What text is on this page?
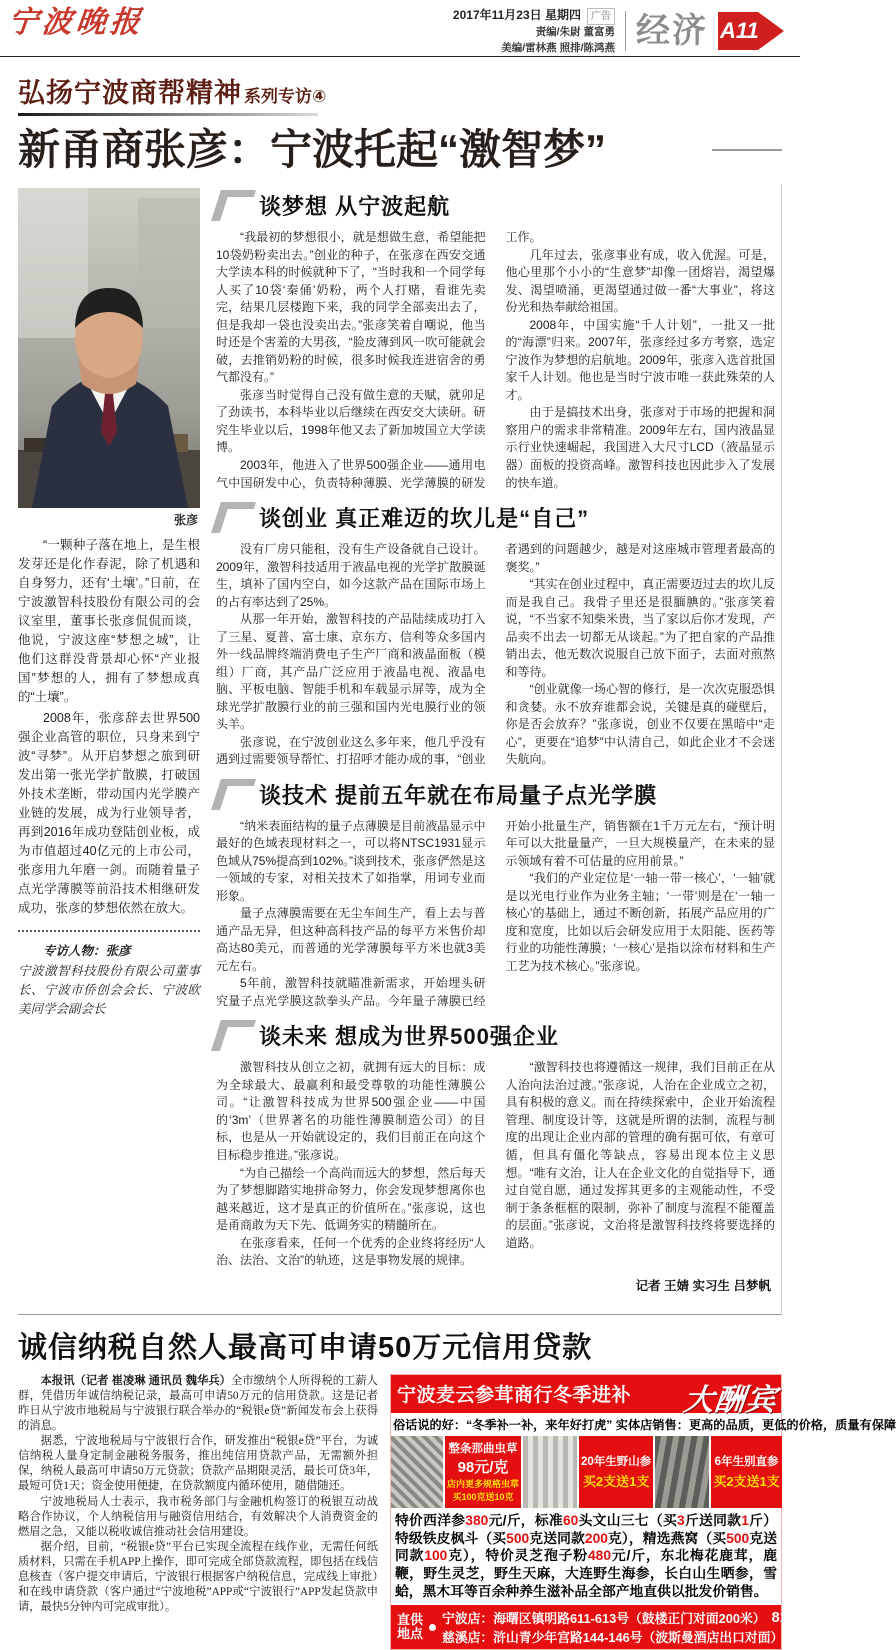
宁波晚报	2017年11月23日 星期四 广告
责编/朱尉 董富勇
美编/雷林燕 照排/陈鸿燕 经济 A11
弘扬宁波商帮精神 系列专访④
新甬商张彦：宁波托起“激智梦”
张彦

“一颗种子落在地上，是生根发芽还是化作春泥，除了机遇和自身努力，还有‘土壤’。”日前，在宁波激智科技股份有限公司的会议室里，董事长张彦侃侃而谈，他说，宁波这座“梦想之城”，让他们这群没背景却心怀“产业报国”梦想的人，拥有了梦想成真的“土壤”。

2008年，张彦辞去世界500强企业高管的职位，只身来到宁波“寻梦”。从开启梦想之旅到研发出第一张光学扩散膜，打破国外技术垄断，带动国内光学膜产业链的发展，成为行业领导者，再到2016年成功登陆创业板，成为市值超过40亿元的上市公司，张彦用九年磨一剑。而随着量子点光学薄膜等前沿技术相继研发成功，张彦的梦想依然在放大。

专访人物：张彦

宁波激智科技股份有限公司董事长、宁波市侨创会会长、宁波欧美同学会副会长

谈梦想 从宁波起航

“我最初的梦想很小，就是想做生意，希望能把10袋奶粉卖出去。”创业的种子，在张彦在西安交通大学读本科的时候就种下了，“当时我和一个同学每人买了10袋‘秦俑’奶粉，两个人打赌，看谁先卖完，结果几层楼跑下来，我的同学全部卖出去了，但是我却一袋也没卖出去。”张彦笑着自嘲说，他当时还是个害羞的大男孩，“脸皮薄到风一吹可能就会破，去推销奶粉的时候，很多时候我连进宿舍的勇气都没有。”

张彦当时觉得自己没有做生意的天赋，就卯足了劲读书，本科毕业以后继续在西安交大读研。研究生毕业以后，1998年他又去了新加坡国立大学读博。

2003年，他进入了世界500强企业——通用电气中国研发中心，负责特种薄膜、光学薄膜的研发工作。

几年过去，张彦事业有成，收入优渥。可是，他心里那个小小的“生意梦”却像一团熔岩，渴望爆发、渴望喷涌，更渴望通过做一番“大事业”，将这份光和热奉献给祖国。

2008年，中国实施“千人计划”，一批又一批的“海漂”归来。2007年，张彦经过多方考察，选定宁波作为梦想的启航地。2009年，张彦入选首批国家千人计划。他也是当时宁波市唯一获此殊荣的人才。

由于是搞技术出身，张彦对于市场的把握和洞察用户的需求非常精准。2009年左右，国内液晶显示行业快速崛起，我国进入大尺寸LCD（液晶显示器）面板的投资高峰。激智科技也因此步入了发展的快车道。

谈创业 真正难迈的坎儿是“自己”

没有厂房只能租，没有生产设备就自己设计。2009年，激智科技适用于液晶电视的光学扩散膜诞生，填补了国内空白，如今这款产品在国际市场上的占有率达到了25%。

从那一年开始，激智科技的产品陆续成功打入了三星、夏普、富士康、京东方、信利等众多国内外一线品牌终端消费电子生产厂商和液晶面板（模组）厂商，其产品广泛应用于液晶电视、液晶电脑、平板电脑、智能手机和车载显示屏等，成为全球光学扩散膜行业的前三强和国内光电膜行业的领头羊。

张彦说，在宁波创业这么多年来，他几乎没有遇到过需要领导帮忙、打招呼才能办成的事，“创业者遇到的问题越少，越是对这座城市管理者最高的褒奖。”

“其实在创业过程中，真正需要迈过去的坎儿反而是我自己。我骨子里还是很腼腆的。”张彦笑着说，“不当家不知柴米贵，当了家以后你才发现，产品卖不出去一切都无从谈起。”为了把自家的产品推销出去，他无数次说服自己放下面子，去面对煎熬和等待。

“创业就像一场心智的修行，是一次次克服恐惧和贪婪。永不放弃谁都会说，关键是真的碰壁后，你是否会放弃？”张彦说，创业不仅要在黑暗中“走心”，更要在“追梦”中认清自己，如此企业才不会迷失航向。

谈技术 提前五年就在布局量子点光学膜

“纳米表面结构的量子点薄膜是目前液晶显示中最好的色域表现材料之一，可以将NTSC1931显示色域从75%提高到102%。”谈到技术，张彦俨然是这一领域的专家，对相关技术了如指掌，用词专业而形象。

量子点薄膜需要在无尘车间生产，看上去与普通产品无异，但这种高科技产品的每平方米售价却高达80美元，而普通的光学薄膜每平方米也就3美元左右。

5年前，激智科技就瞄准新需求，开始埋头研究量子点光学膜这款拳头产品。今年量子薄膜已经开始小批量生产，销售额在1千万元左右，“预计明年可以大批量量产，一旦大规模量产，在未来的显示领域有着不可估量的应用前景。”

“我们的产业定位是‘一轴一带一核心’，‘一轴’就是以光电行业作为业务主轴；‘一带’则是在‘一轴一核心’的基础上，通过不断创新，拓展产品应用的广度和宽度，比如以后会研发应用于太阳能、医药等行业的功能性薄膜；‘一核心’是指以涂布材料和生产工艺为技术核心。”张彦说。

谈未来 想成为世界500强企业

激智科技从创立之初，就拥有远大的目标：成为全球最大、最赢利和最受尊敬的功能性薄膜公司。“让激智科技成为世界500强企业——中国的‘3m’（世界著名的功能性薄膜制造公司）的目标，也是从一开始就设定的，我们目前正在向这个目标稳步推进。”张彦说。

“为自己描绘一个高尚而远大的梦想，然后每天为了梦想脚踏实地拼命努力，你会发现梦想离你也越来越近，这才是真正的价值所在。”张彦说，这也是甬商敢为天下先、低调务实的精髓所在。

在张彦看来，任何一个优秀的企业终将经历“人治、法治、文治”的轨迹，这是事物发展的规律。

“激智科技也将遵循这一规律，我们目前正在从人治向法治过渡。”张彦说，人治在企业成立之初，具有积极的意义。而在持续探索中，企业开始流程管理、制度设计等，这就是所谓的法制，流程与制度的出现让企业内部的管理的确有据可依，有章可循，但具有僵化等缺点，容易出现本位主义思想。“唯有文治，让人在企业文化的自觉指导下，通过自觉自愿，通过发挥其更多的主观能动性，不受制于条条框框的限制，弥补了制度与流程不能覆盖的层面。”张彦说，文治将是激智科技终将要选择的道路。

记者 王婧 实习生 吕梦帆

诚信纳税自然人最高可申请50万元信用贷款

本报讯（记者 崔凌琳 通讯员 魏华兵）全市缴纳个人所得税的工薪人群，凭借历年诚信纳税记录，最高可申请50万元的信用贷款。这是记者昨日从宁波市地税局与宁波银行联合举办的“税银e贷”新闻发布会上获得的消息。

据悉，宁波地税局与宁波银行合作，研发推出“税银e贷”平台，为诚信纳税人量身定制金融税务服务，推出纯信用贷款产品，无需额外担保，纳税人最高可申请50万元贷款；贷款产品期限灵活，最长可贷3年，最短可贷1天；资金使用便捷，在贷款额度内循环使用，随借随还。

宁波地税局人士表示，我市税务部门与金融机构签订的税银互动战略合作协议，个人纳税信用与融资信用结合，有效解决个人消费资金的燃眉之急，又能以税收诚信推动社会信用建设。

据介绍，目前，“税银e贷”平台已实现全流程在线作业，无需任何纸质材料，只需在手机APP上操作，即可完成全部贷款流程，即包括在线信息核查（客户提交申请后，宁波银行根据客户纳税信息，完成线上审批）和在线申请贷款（客户通过“宁波地税”APP或“宁波银行”APP发起贷款申请，最快5分钟内可完成审批）。

宁波麦云参茸商行冬季进补 大酬宾
俗话说的好：“冬季补一补，来年好打虎” 实体店销售：更高的品质，更低的价格，质量有保障
整条那曲虫草
98元/克
店内更多规格虫草
买100克送10克
20年生野山参
买2支送1支
6年生别直参
买2支送1支

特价西洋参380元/斤，标准60头文山三七（买3斤送同款1斤）特级铁皮枫斗（买500克送同款200克），精选燕窝（买500克送同款100克），特价灵芝孢子粉480元/斤，东北梅花鹿茸，鹿鞭，野生灵芝，野生天麻，大连野生海参，长白山生晒参，雪蛤，黑木耳等百余种养生滋补品全部产地直供以批发价销售。

直供
地点
宁波店：海曙区镇明路611-613号（鼓楼正门对面200米） 81190227
慈溪店：浒山青少年宫路144-146号（波斯曼酒店出口对面） 63041890
